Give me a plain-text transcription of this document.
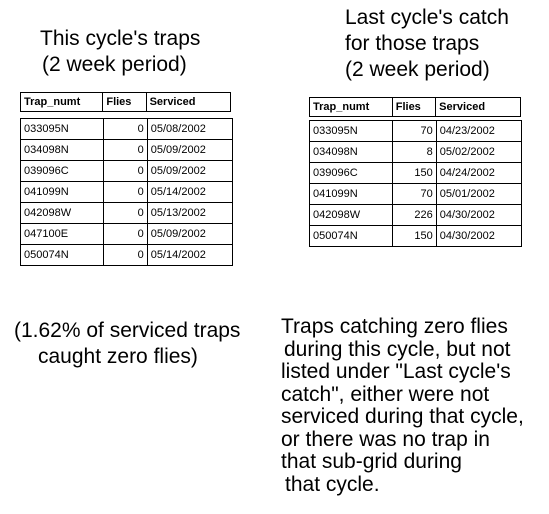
This cycle's traps
(2 week period)
Last cycle's catch
for those traps
(2 week period)
Trap_numt	Flies	Serviced
033095N	0	05/08/2002
034098N	0	05/09/2002
039096C	0	05/09/2002
041099N	0	05/14/2002
042098W	0	05/13/2002
047100E	0	05/09/2002
050074N	0	05/14/2002
Trap_numt	Flies	Serviced
033095N	70	04/23/2002
034098N	8	05/02/2002
039096C	150	04/24/2002
041099N	70	05/01/2002
042098W	226	04/30/2002
050074N	150	04/30/2002
(1.62% of serviced traps
caught zero flies)
Traps catching zero flies
during this cycle, but not
listed under "Last cycle's
catch", either were not
serviced during that cycle,
or there was no trap in
that sub-grid during
that cycle.
